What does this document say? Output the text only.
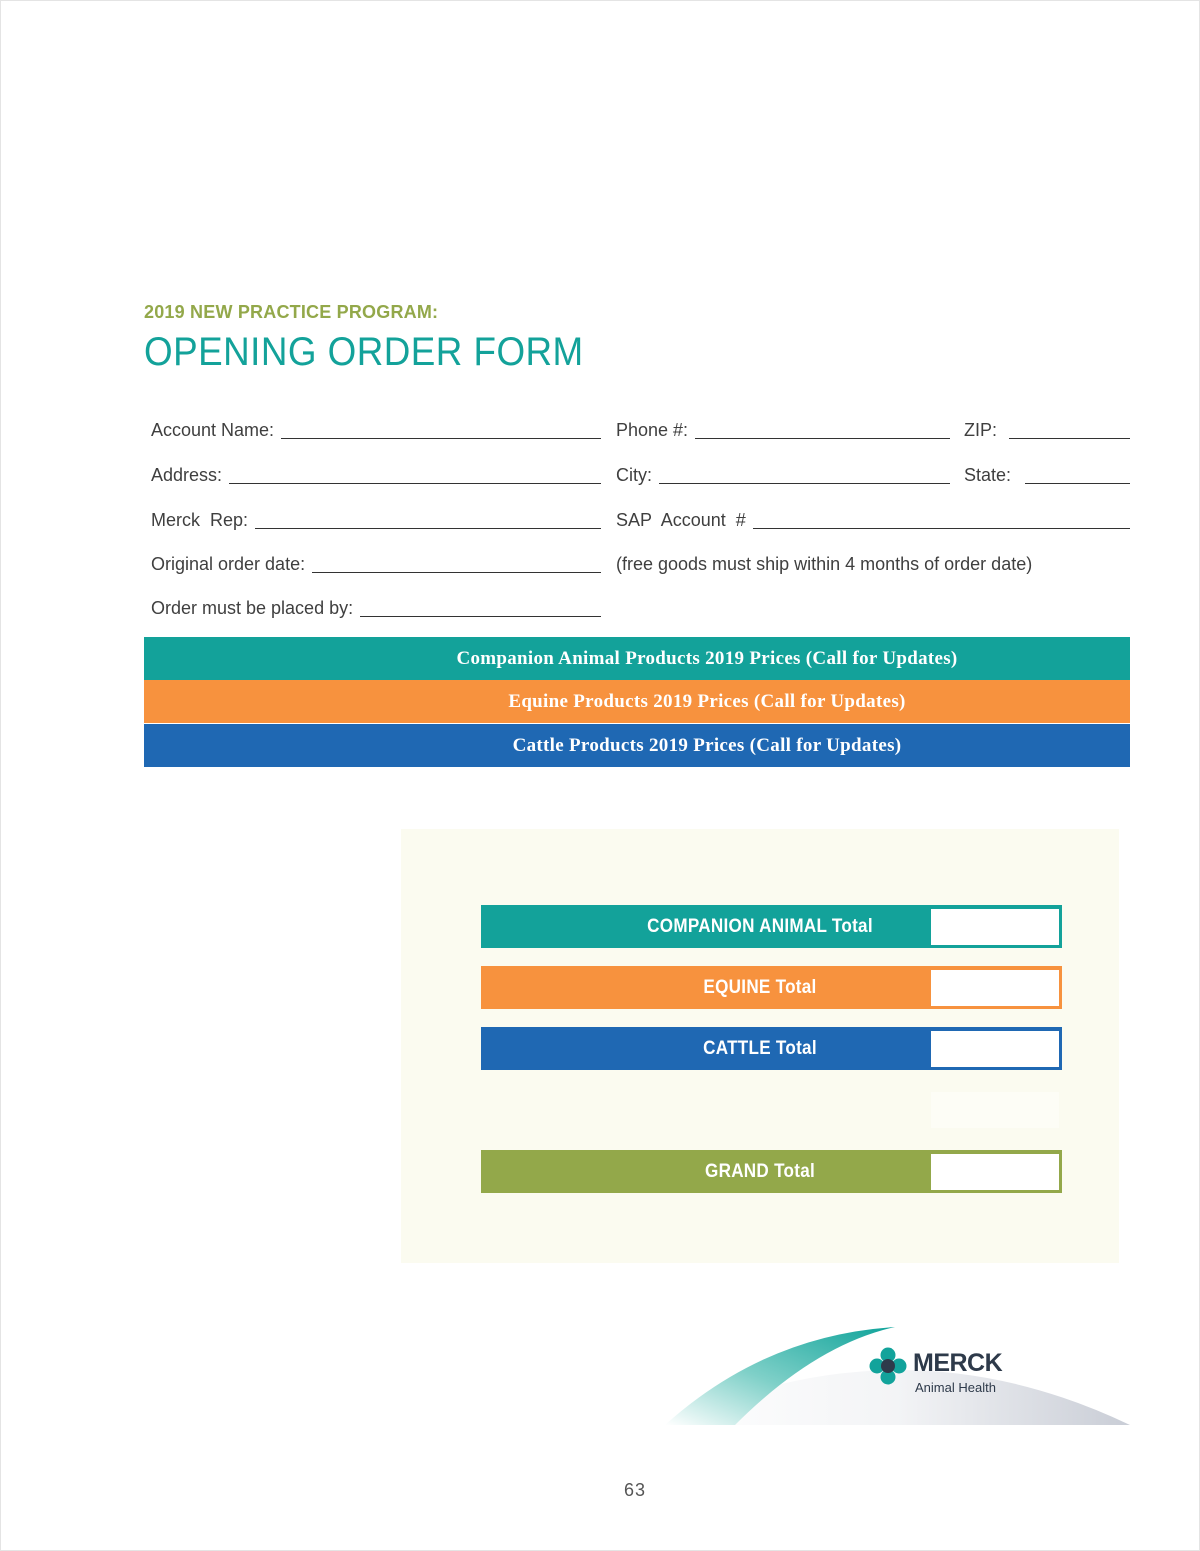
2019 NEW PRACTICE PROGRAM:
OPENING ORDER FORM
Account Name:	Phone #:	ZIP:
Address:	City:	State:
Merck  Rep:	SAP  Account  #
Original order date:	(free goods must ship within 4 months of order date)
Order must be placed by:
Companion Animal Products 2019 Prices (Call for Updates)
Equine Products 2019 Prices (Call for Updates)
Cattle Products 2019 Prices (Call for Updates)
COMPANION ANIMAL Total
EQUINE Total
CATTLE Total
GRAND Total
MERCK
Animal Health
63
